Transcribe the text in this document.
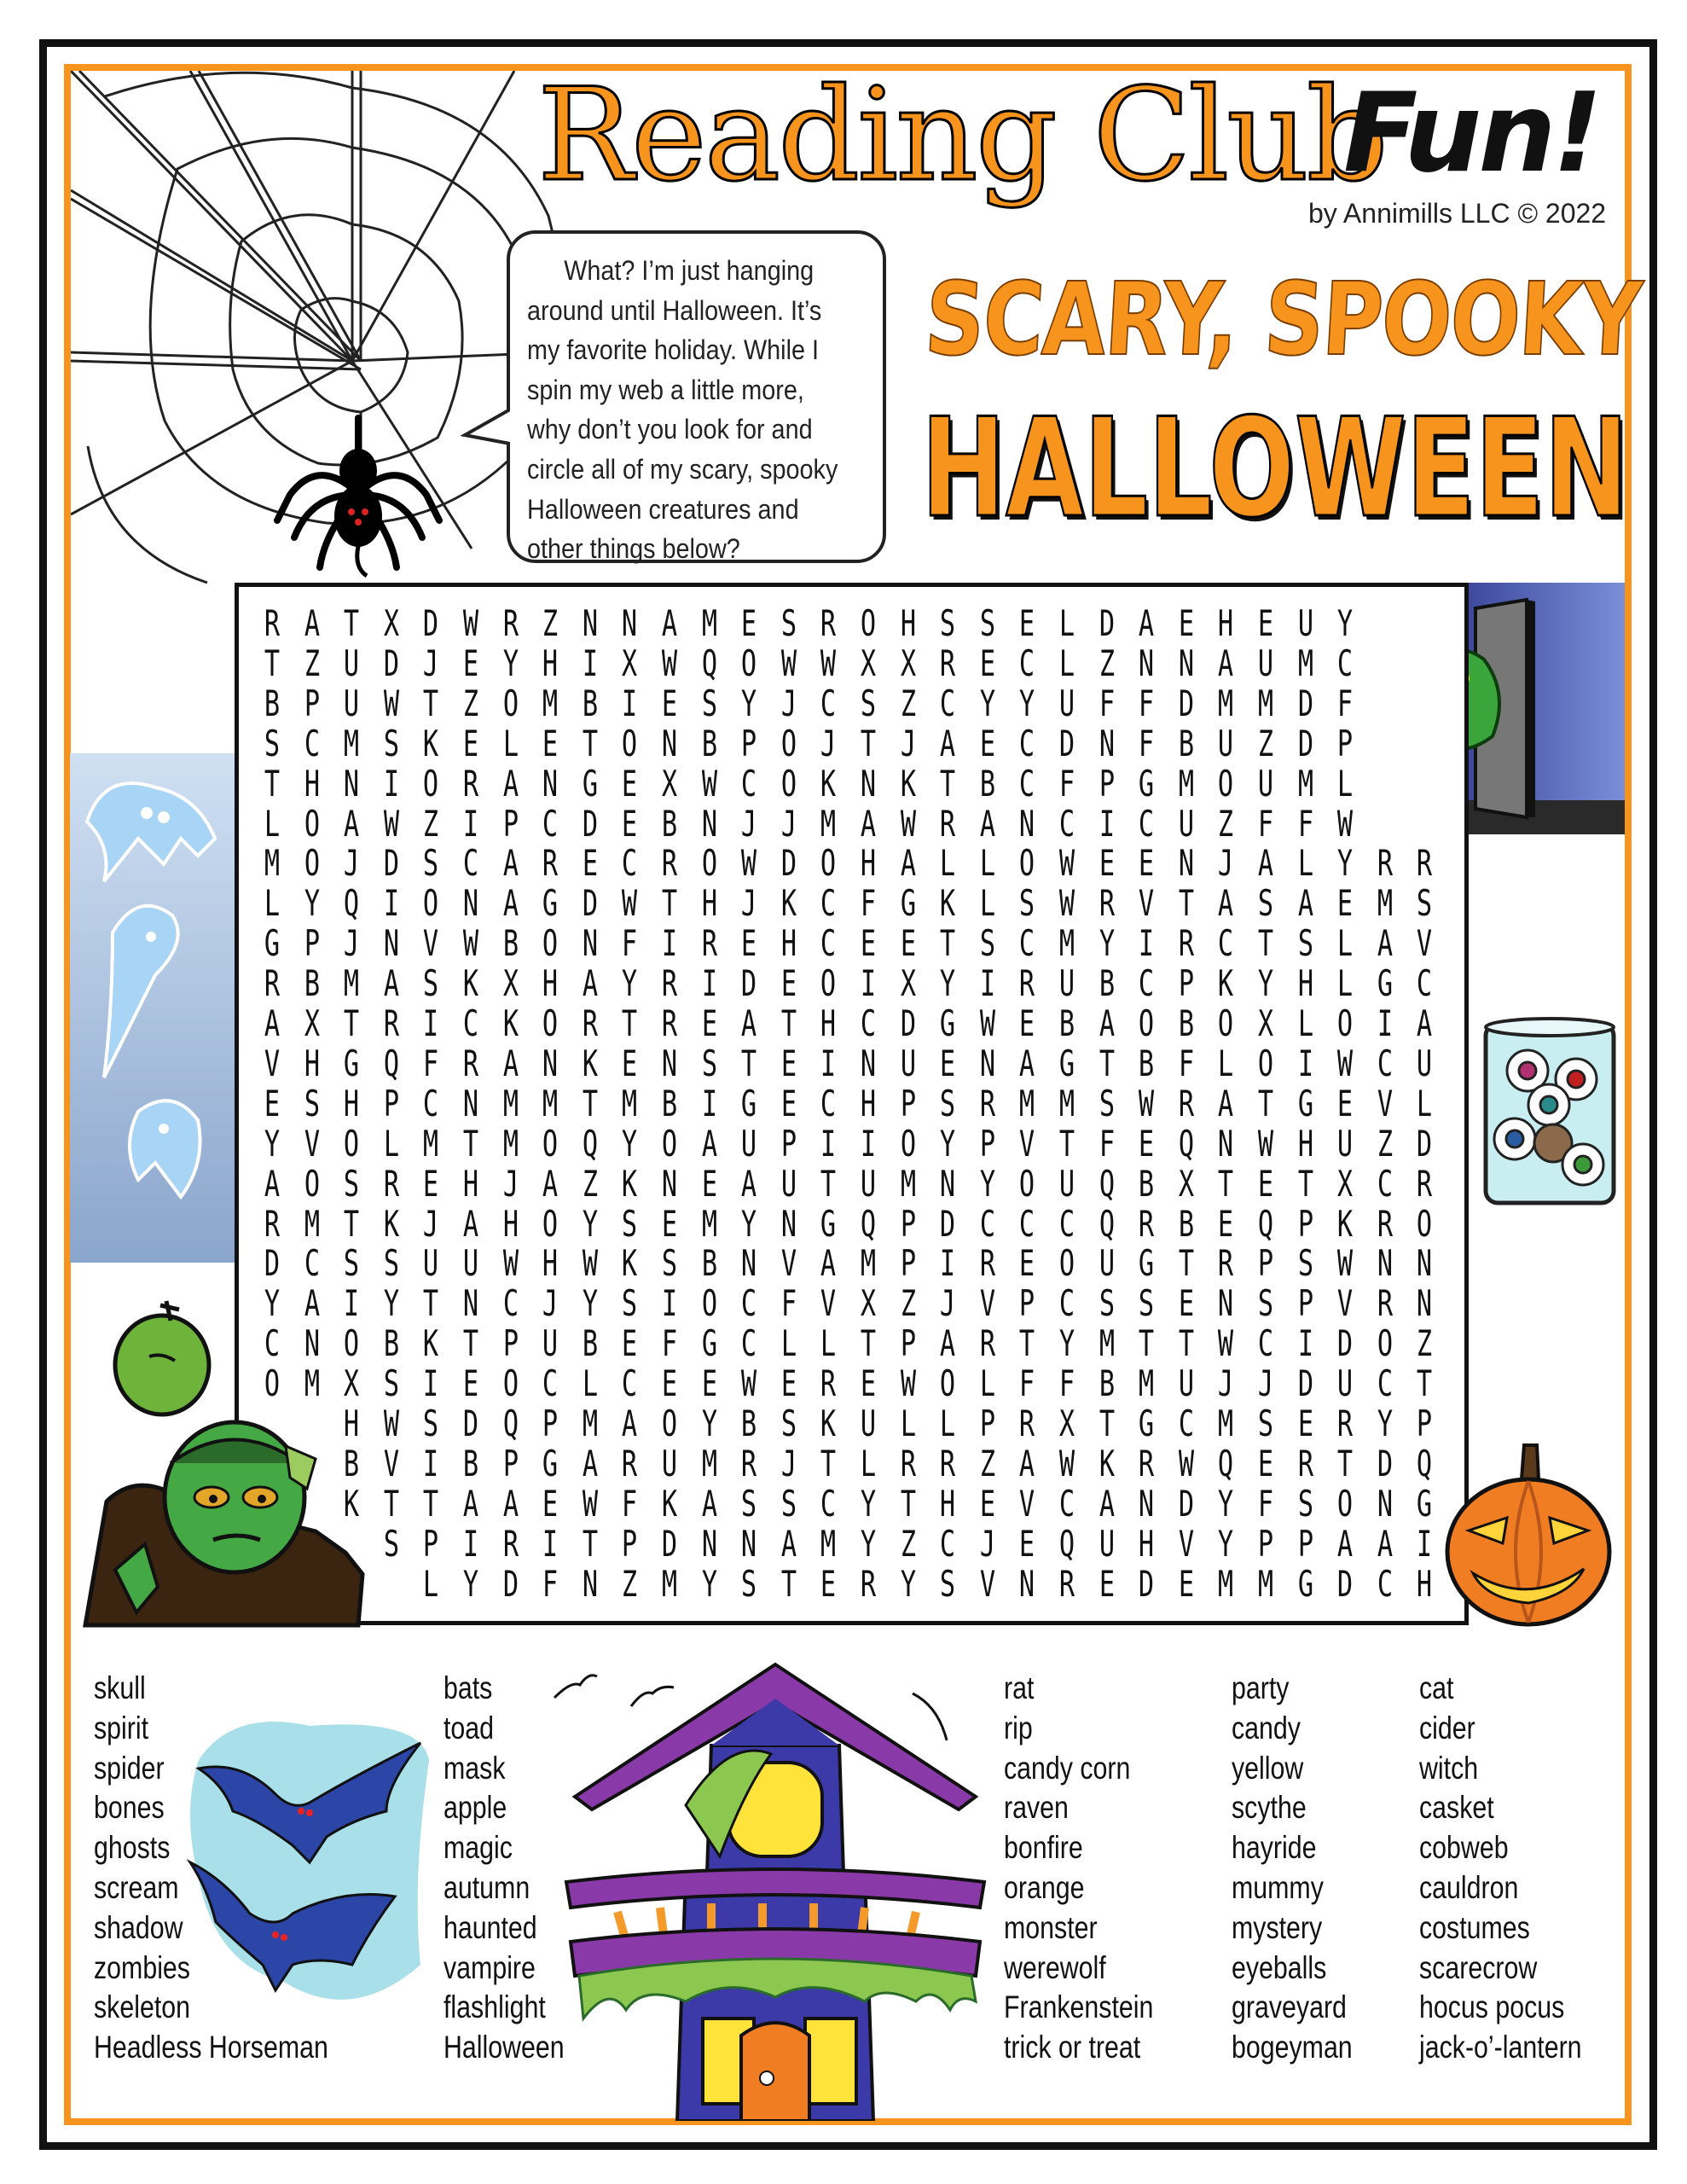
Reading Club
Fun!
by Annimills LLC © 2022
What? I’m just hanging
around until Halloween. It’s
my favorite holiday. While I
spin my web a little more,
why don’t you look for and
circle all of my scary, spooky
Halloween creatures and
other things below?
SCARY, SPOOKY
HALLOWEEN
R A T X D W R Z N N A M E S R O H S S E L D A E H E U Y
T Z U D J E Y H I X W Q O W W X X R E C L Z N N A U M C
B P U W T Z O M B I E S Y J C S Z C Y Y U F F D M M D F
S C M S K E L E T O N B P O J T J A E C D N F B U Z D P
T H N I O R A N G E X W C O K N K T B C F P G M O U M L
L O A W Z I P C D E B N J J M A W R A N C I C U Z F F W
M O J D S C A R E C R O W D O H A L L O W E E N J A L Y R R
L Y Q I O N A G D W T H J K C F G K L S W R V T A S A E M S
G P J N V W B O N F I R E H C E E T S C M Y I R C T S L A V
R B M A S K X H A Y R I D E O I X Y I R U B C P K Y H L G C
A X T R I C K O R T R E A T H C D G W E B A O B O X L O I A
V H G Q F R A N K E N S T E I N U E N A G T B F L O I W C U
E S H P C N M M T M B I G E C H P S R M M S W R A T G E V L
Y V O L M T M O Q Y O A U P I I O Y P V T F E Q N W H U Z D
A O S R E H J A Z K N E A U T U M N Y O U Q B X T E T X C R
R M T K J A H O Y S E M Y N G Q P D C C C Q R B E Q P K R O
D C S S U U W H W K S B N V A M P I R E O U G T R P S W N N
Y A I Y T N C J Y S I O C F V X Z J V P C S S E N S P V R N
C N O B K T P U B E F G C L L T P A R T Y M T T W C I D O Z
O M X S I E O C L C E E W E R E W O L F F B M U J J D U C T
H W S D Q P M A O Y B S K U L L P R X T G C M S E R Y P
B V I B P G A R U M R J T L R R Z A W K R W Q E R T D Q
K T T A A E W F K A S S C Y T H E V C A N D Y F S O N G
S P I R I T P D N N A M Y Z C J E Q U H V Y P P A A I
L Y D F N Z M Y S T E R Y S V N R E D E M M G D C H
skull
spirit
spider
bones
ghosts
scream
shadow
zombies
skeleton
Headless Horseman
bats
toad
mask
apple
magic
autumn
haunted
vampire
flashlight
Halloween
rat
rip
candy corn
raven
bonfire
orange
monster
werewolf
Frankenstein
trick or treat
party
candy
yellow
scythe
hayride
mummy
mystery
eyeballs
graveyard
bogeyman
cat
cider
witch
casket
cobweb
cauldron
costumes
scarecrow
hocus pocus
jack-o’-lantern
